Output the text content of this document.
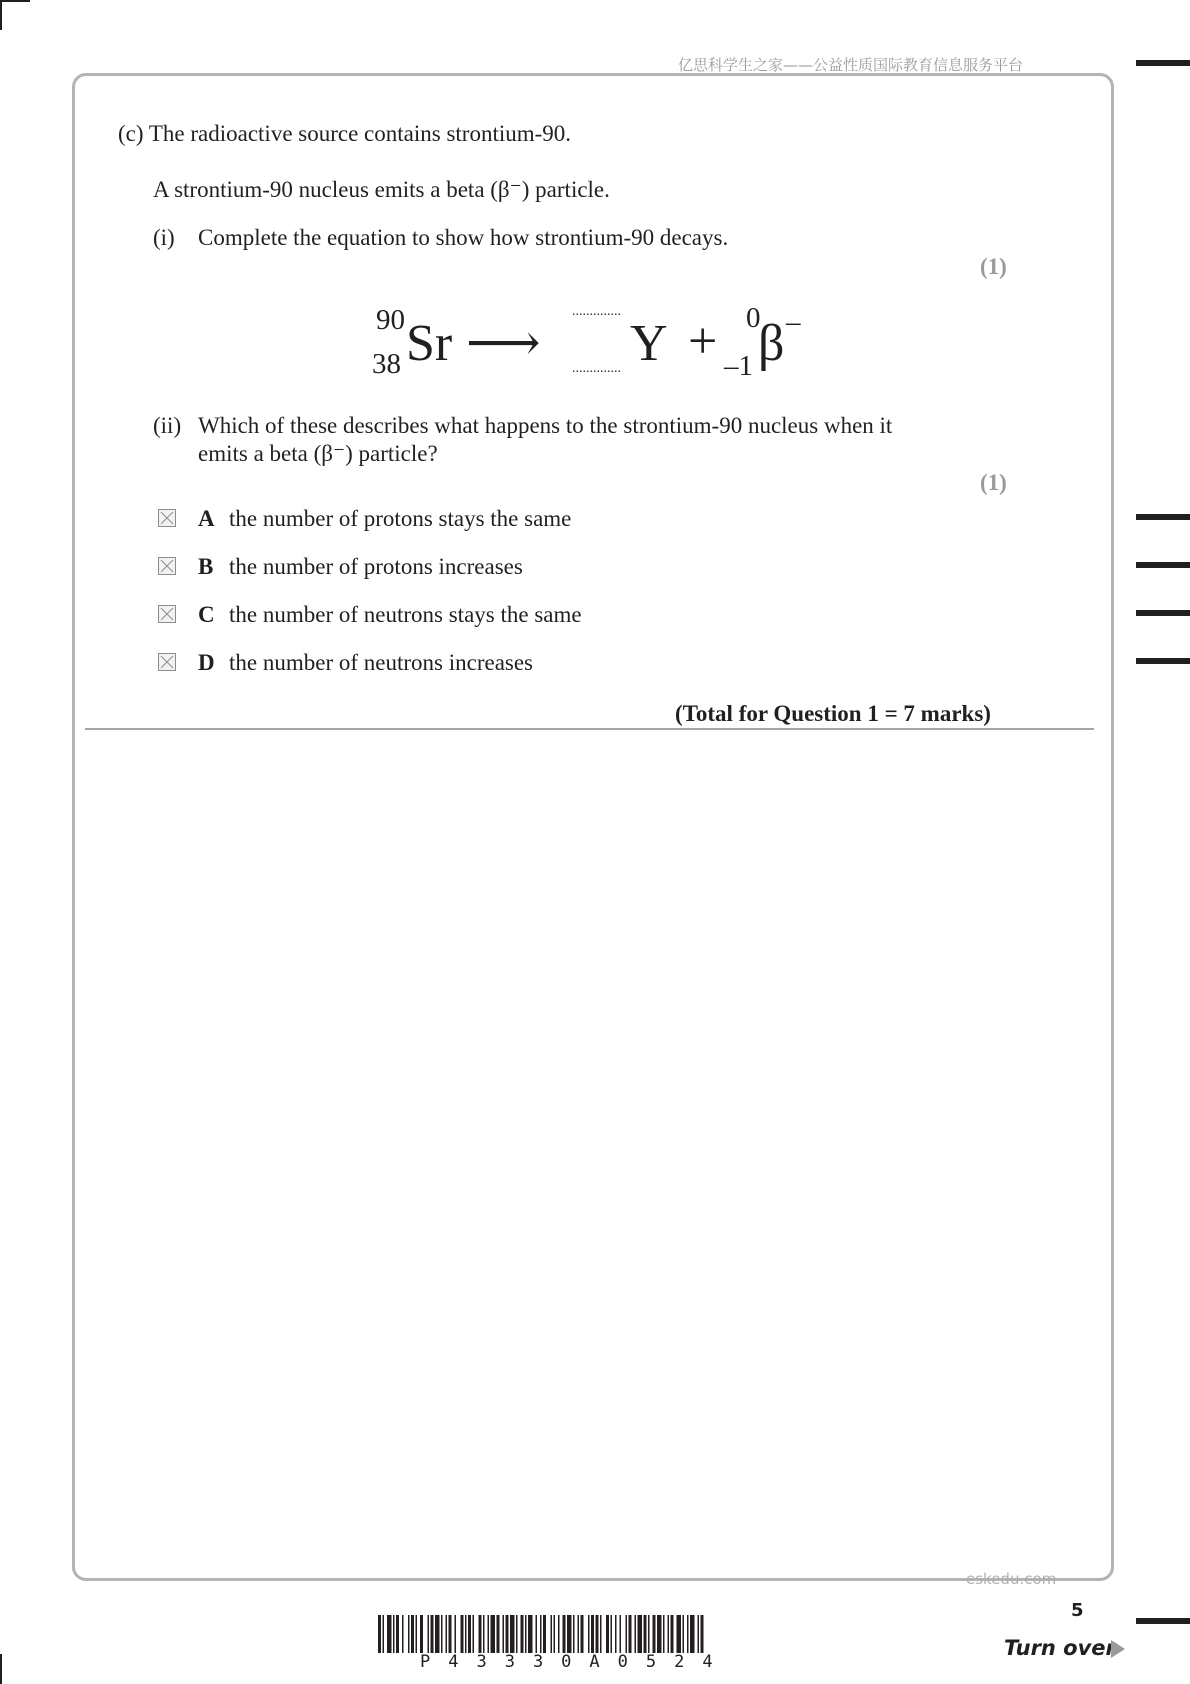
亿思科学生之家——公益性质国际教育信息服务平台
(c) The radioactive source contains strontium-90.
A strontium-90 nucleus emits a beta (β⁻) particle.
(i) Complete the equation to show how strontium-90 decays.
(1)
90
38 Sr ⟶
..............
.............. Y + 0
–1 β –
(ii) Which of these describes what happens to the strontium-90 nucleus when it
emits a beta (β⁻) particle?
(1)
A the number of protons stays the same
B the number of protons increases
C the number of neutrons stays the same
D the number of neutrons increases
(Total for Question 1 = 7 marks)
eskedu.com
5
Turn over
P43330A0524
